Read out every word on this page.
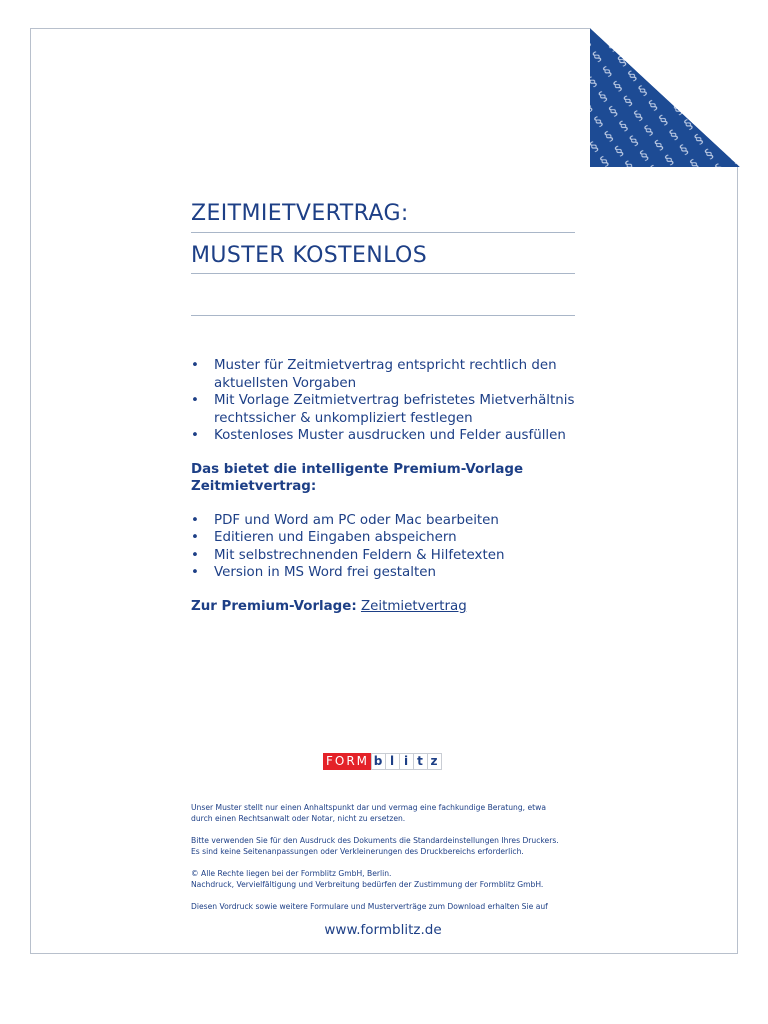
ZEITMIETVERTRAG:
MUSTER KOSTENLOS
• Muster für Zeitmietvertrag entspricht rechtlich den
aktuellsten Vorgaben
• Mit Vorlage Zeitmietvertrag befristetes Mietverhältnis
rechtssicher & unkompliziert festlegen
• Kostenloses Muster ausdrucken und Felder ausfüllen
Das bietet die intelligente Premium-Vorlage
Zeitmietvertrag:
• PDF und Word am PC oder Mac bearbeiten
• Editieren und Eingaben abspeichern
• Mit selbstrechnenden Feldern & Hilfetexten
• Version in MS Word frei gestalten
Zur Premium-Vorlage: Zeitmietvertrag
FORM b l i t z
Unser Muster stellt nur einen Anhaltspunkt dar und vermag eine fachkundige Beratung, etwa
durch einen Rechtsanwalt oder Notar, nicht zu ersetzen.
Bitte verwenden Sie für den Ausdruck des Dokuments die Standardeinstellungen Ihres Druckers.
Es sind keine Seitenanpassungen oder Verkleinerungen des Druckbereichs erforderlich.
© Alle Rechte liegen bei der Formblitz GmbH, Berlin.
Nachdruck, Vervielfältigung und Verbreitung bedürfen der Zustimmung der Formblitz GmbH.
Diesen Vordruck sowie weitere Formulare und Musterverträge zum Download erhalten Sie auf
www.formblitz.de
